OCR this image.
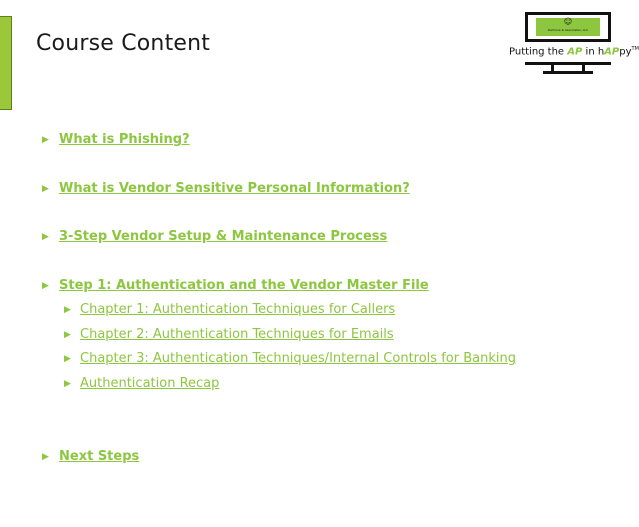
Course Content
☺
Dalmore & Associates, LLC
Putting the AP in hAPpy™
▶ What is Phishing?
▶ What is Vendor Sensitive Personal Information?
▶ 3-Step Vendor Setup & Maintenance Process
▶ Step 1: Authentication and the Vendor Master File
▶ Chapter 1: Authentication Techniques for Callers
▶ Chapter 2: Authentication Techniques for Emails
▶ Chapter 3: Authentication Techniques/Internal Controls for Banking
▶ Authentication Recap
▶ Next Steps
